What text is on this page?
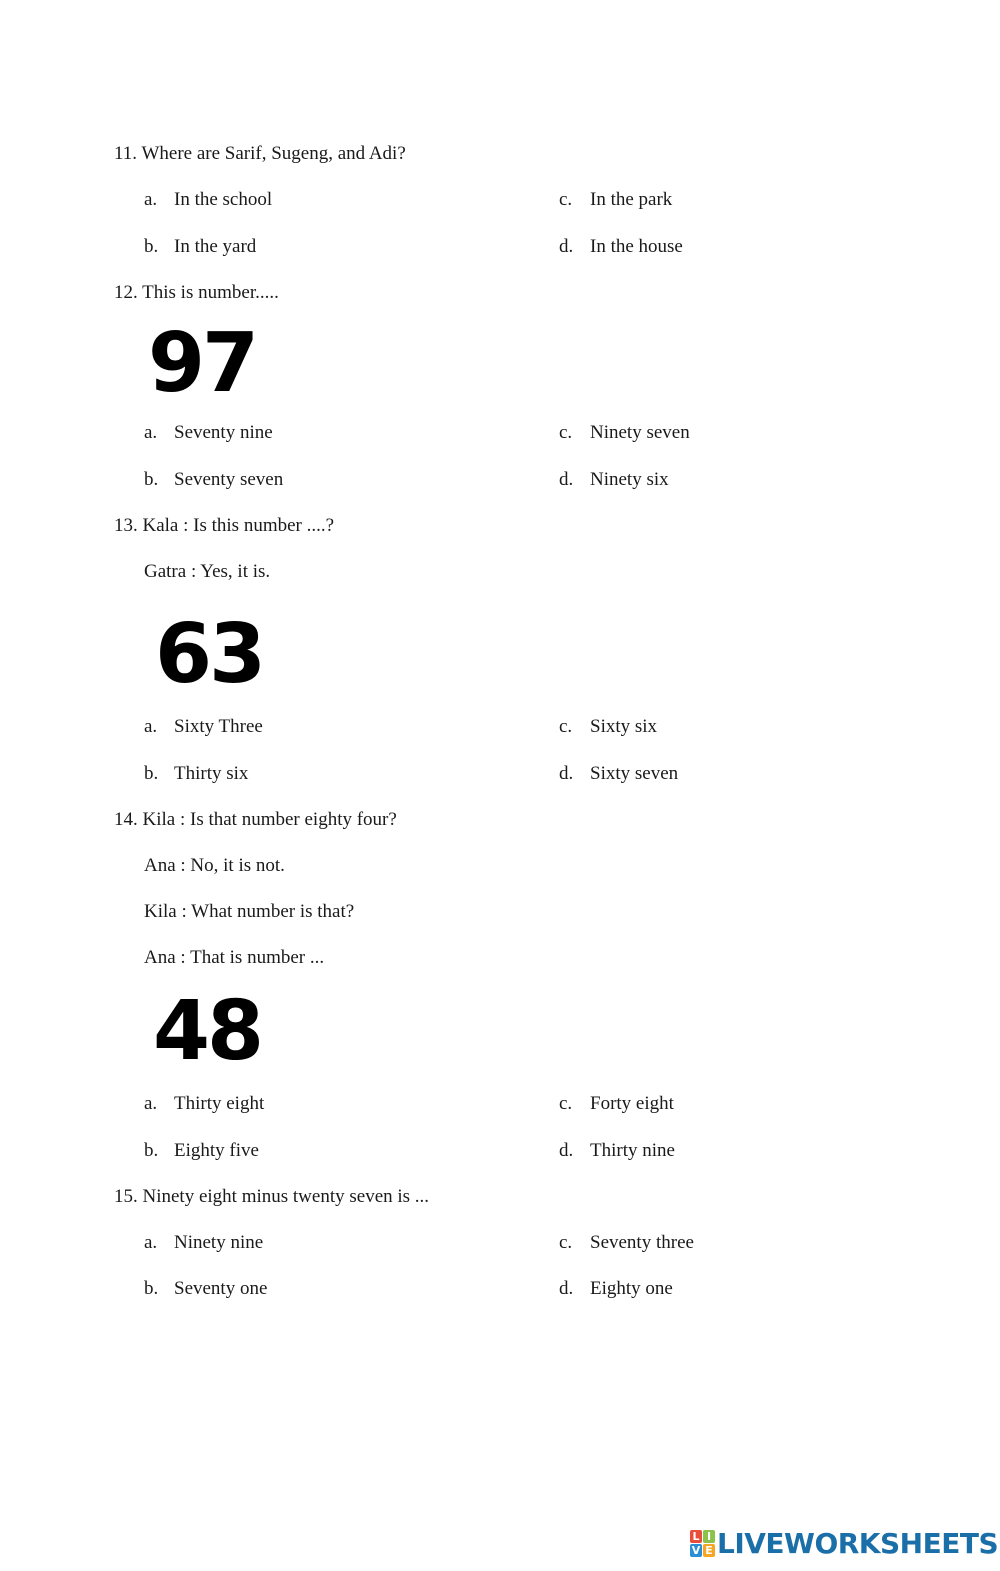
11. Where are Sarif, Sugeng, and Adi?
a. In the school
b. In the yard
c. In the park
d. In the house
12. This is number.....
97
a. Seventy nine
b. Seventy seven
c. Ninety seven
d. Ninety six
13. Kala : Is this number ....?
Gatra : Yes, it is.
63
a. Sixty Three
b. Thirty six
c. Sixty six
d. Sixty seven
14. Kila : Is that number eighty four?
Ana : No, it is not.
Kila : What number is that?
Ana : That is number ...
48
a. Thirty eight
b. Eighty five
c. Forty eight
d. Thirty nine
15. Ninety eight minus twenty seven is ...
a. Ninety nine
b. Seventy one
c. Seventy three
d. Eighty one
L I
V E LIVEWORKSHEETS
